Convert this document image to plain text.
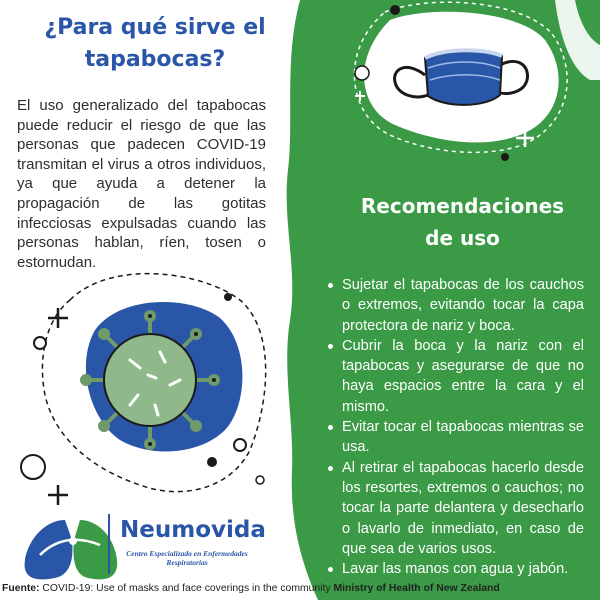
¿Para qué sirve el
tapabocas?

El uso generalizado del tapabocas puede reducir el riesgo de que las personas que padecen COVID-19 transmitan el virus a otros individuos, ya que ayuda a detener la propagación de las gotitas infecciosas expulsadas cuando las personas hablan, ríen, tosen o estornudan.

Recomendaciones
de uso
Sujetar el tapabocas de los cauchos o extremos, evitando tocar la capa protectora de nariz y boca.
Cubrir la boca y la nariz con el tapabocas y asegurarse de que no haya espacios entre la cara y el mismo.
Evitar tocar el tapabocas mientras se usa.
Al retirar el tapabocas hacerlo desde los resortes, extremos o cauchos; no tocar la parte delantera y desecharlo o lavarlo de inmediato, en caso de que sea de varios usos.
Lavar las manos con agua y jabón.
Neumovida
Centro Especializado en Enfermedades Respiratorias
Fuente: COVID-19: Use of masks and face coverings in the community Ministry of Health of New Zealand
